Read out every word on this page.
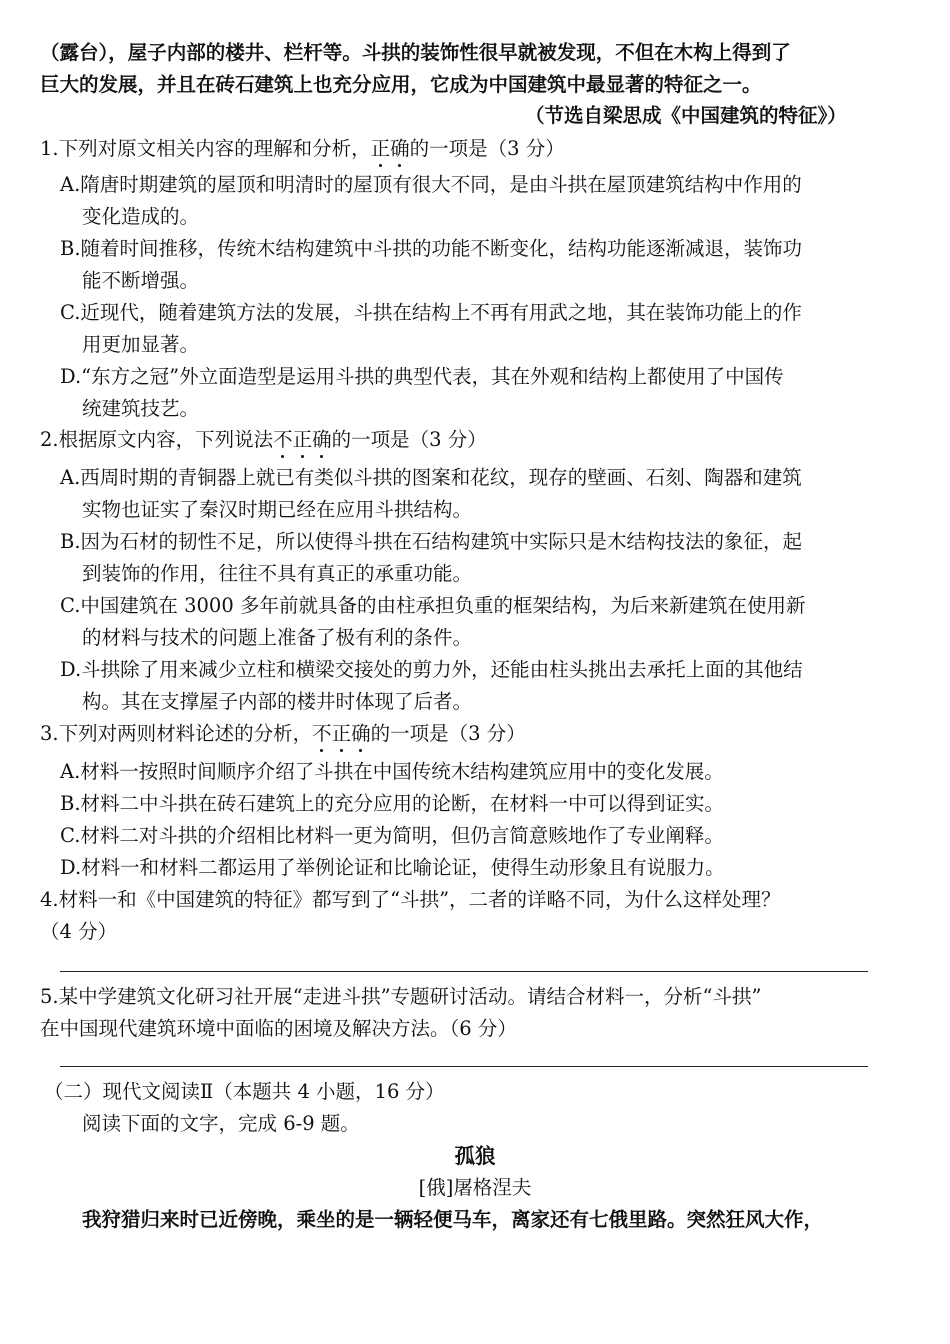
（露台），屋子内部的楼井、栏杆等。斗拱的装饰性很早就被发现，不但在木构上得到了
巨大的发展，并且在砖石建筑上也充分应用，它成为中国建筑中最显著的特征之一。
（节选自梁思成《中国建筑的特征》）
1.下列对原文相关内容的理解和分析，正确的一项是（3 分）
A.隋唐时期建筑的屋顶和明清时的屋顶有很大不同，是由斗拱在屋顶建筑结构中作用的
变化造成的。
B.随着时间推移，传统木结构建筑中斗拱的功能不断变化，结构功能逐渐减退，装饰功
能不断增强。
C.近现代，随着建筑方法的发展，斗拱在结构上不再有用武之地，其在装饰功能上的作
用更加显著。
D.“东方之冠”外立面造型是运用斗拱的典型代表，其在外观和结构上都使用了中国传
统建筑技艺。
2.根据原文内容，下列说法不正确的一项是（3 分）
A.西周时期的青铜器上就已有类似斗拱的图案和花纹，现存的壁画、石刻、陶器和建筑
实物也证实了秦汉时期已经在应用斗拱结构。
B.因为石材的韧性不足，所以使得斗拱在石结构建筑中实际只是木结构技法的象征，起
到装饰的作用，往往不具有真正的承重功能。
C.中国建筑在 3000 多年前就具备的由柱承担负重的框架结构，为后来新建筑在使用新
的材料与技术的问题上准备了极有利的条件。
D.斗拱除了用来减少立柱和横梁交接处的剪力外，还能由柱头挑出去承托上面的其他结
构。其在支撑屋子内部的楼井时体现了后者。
3.下列对两则材料论述的分析，不正确的一项是（3 分）
A.材料一按照时间顺序介绍了斗拱在中国传统木结构建筑应用中的变化发展。
B.材料二中斗拱在砖石建筑上的充分应用的论断，在材料一中可以得到证实。
C.材料二对斗拱的介绍相比材料一更为简明，但仍言简意赅地作了专业阐释。
D.材料一和材料二都运用了举例论证和比喻论证，使得生动形象且有说服力。
4.材料一和《中国建筑的特征》都写到了“斗拱”，二者的详略不同，为什么这样处理？
（4 分）
5.某中学建筑文化研习社开展“走进斗拱”专题研讨活动。请结合材料一，分析“斗拱”
在中国现代建筑环境中面临的困境及解决方法。（6 分）
（二）现代文阅读Ⅱ（本题共 4 小题，16 分）
阅读下面的文字，完成 6-9 题。
孤狼
[俄]屠格涅夫
我狩猎归来时已近傍晚，乘坐的是一辆轻便马车，离家还有七俄里路。突然狂风大作，
